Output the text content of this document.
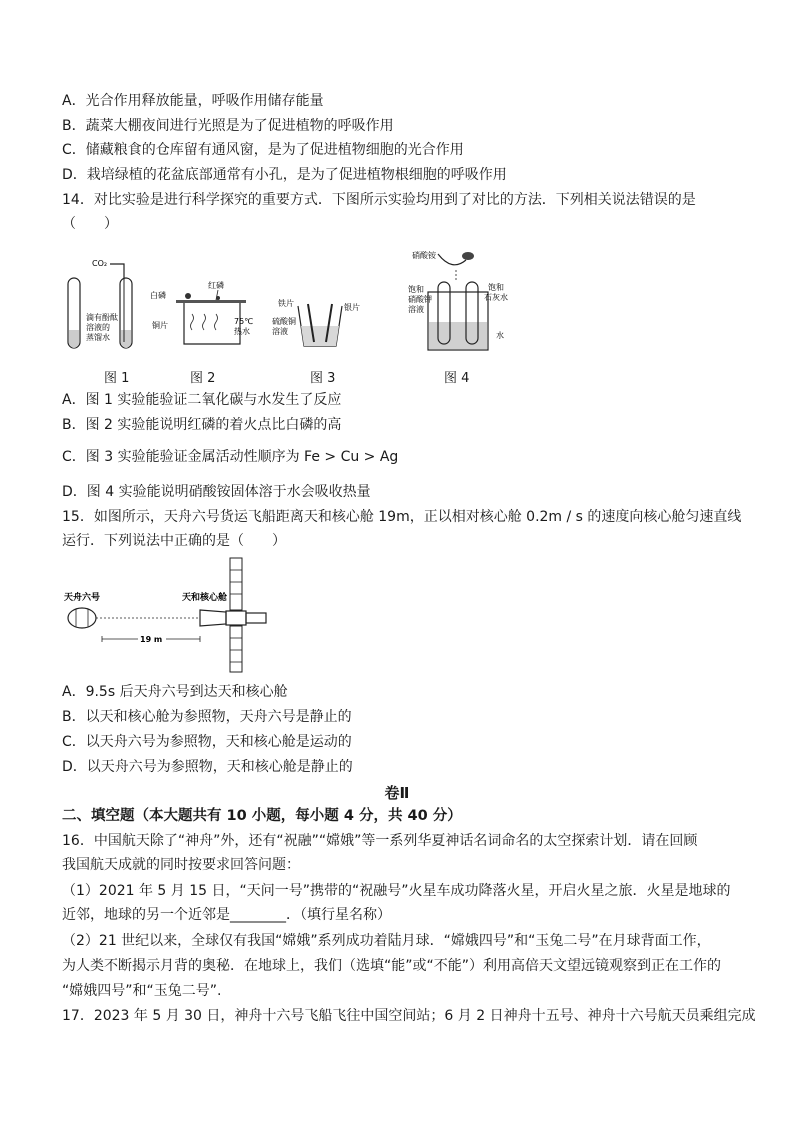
A．光合作用释放能量，呼吸作用储存能量
B．蔬菜大棚夜间进行光照是为了促进植物的呼吸作用
C．储藏粮食的仓库留有通风窗，是为了促进植物细胞的光合作用
D．栽培绿植的花盆底部通常有小孔，是为了促进植物根细胞的呼吸作用
14．对比实验是进行科学探究的重要方式．下图所示实验均用到了对比的方法．下列相关说法错误的是
（　　）
CO₂
滴有酚酞
溶液的
蒸馏水
图 1
白磷
红磷
铜片	75℃
热水
图 2
铁片	银片
硫酸铜
溶液
图 3
硝酸铵
饱和
硝酸钾
溶液
饱和
石灰水
水
图 4
A．图 1 实验能验证二氧化碳与水发生了反应
B．图 2 实验能说明红磷的着火点比白磷的高
C．图 3 实验能验证金属活动性顺序为 Fe > Cu > Ag
D．图 4 实验能说明硝酸铵固体溶于水会吸收热量
15．如图所示，天舟六号货运飞船距离天和核心舱 19m，正以相对核心舱 0.2m / s 的速度向核心舱匀速直线
运行．下列说法中正确的是（　　）
天舟六号	天和核心舱
19 m
A．9.5s 后天舟六号到达天和核心舱
B．以天和核心舱为参照物，天舟六号是静止的
C．以天舟六号为参照物，天和核心舱是运动的
D．以天舟六号为参照物，天和核心舱是静止的
卷Ⅱ
二、填空题（本大题共有 10 小题，每小题 4 分，共 40 分）
16．中国航天除了“神舟”外，还有“祝融”“嫦娥”等一系列华夏神话名词命名的太空探索计划．请在回顾
我国航天成就的同时按要求回答问题：
（1）2021 年 5 月 15 日，“天问一号”携带的“祝融号”火星车成功降落火星，开启火星之旅．火星是地球的
近邻，地球的另一个近邻是________．（填行星名称）
（2）21 世纪以来，全球仅有我国“嫦娥”系列成功着陆月球．“嫦娥四号”和“玉兔二号”在月球背面工作，
为人类不断揭示月背的奥秘．在地球上，我们（选填“能”或“不能”）利用高倍天文望远镜观察到正在工作的
“嫦娥四号”和“玉兔二号”.
17．2023 年 5 月 30 日，神舟十六号飞船飞往中国空间站；6 月 2 日神舟十五号、神舟十六号航天员乘组完成
